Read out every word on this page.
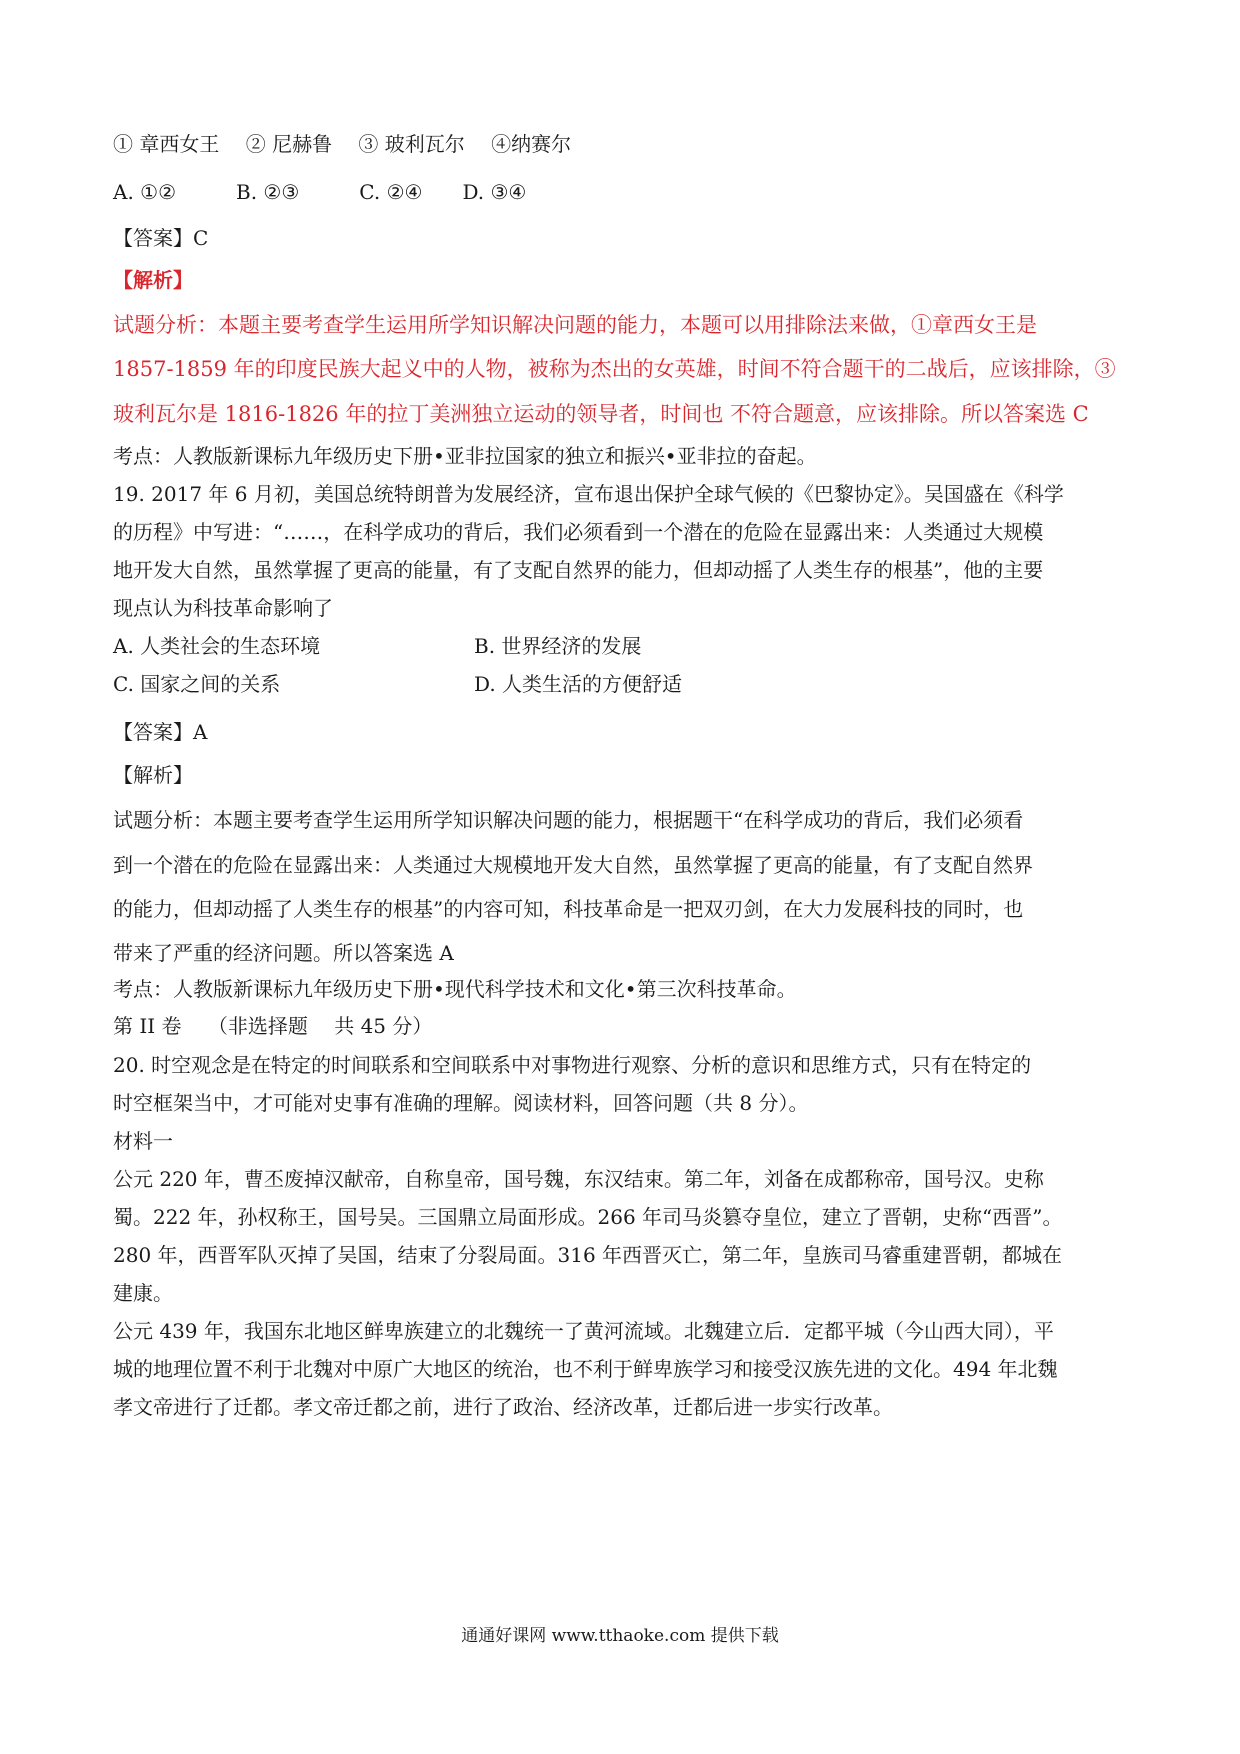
① 章西女王　 ② 尼赫鲁　 ③ 玻利瓦尔　 ④纳赛尔
A. ①②　　　B. ②③　　　C. ②④　　D. ③④
【答案】C
【解析】
试题分析：本题主要考查学生运用所学知识解决问题的能力，本题可以用排除法来做，①章西女王是
1857-1859 年的印度民族大起义中的人物，被称为杰出的女英雄，时间不符合题干的二战后，应该排除，③
玻利瓦尔是 1816-1826 年的拉丁美洲独立运动的领导者，时间也 不符合题意，应该排除。所以答案选 C
考点：人教版新课标九年级历史下册•亚非拉国家的独立和振兴•亚非拉的奋起。
19. 2017 年 6 月初，美国总统特朗普为发展经济，宣布退出保护全球气候的《巴黎协定》。吴国盛在《科学
的历程》中写进：“……，在科学成功的背后，我们必须看到一个潜在的危险在显露出来：人类通过大规模
地开发大自然，虽然掌握了更高的能量，有了支配自然界的能力，但却动摇了人类生存的根基”，他的主要
现点认为科技革命影响了
A. 人类社会的生态环境	B. 世界经济的发展
C. 国家之间的关系	D. 人类生活的方便舒适
【答案】A
【解析】
试题分析：本题主要考查学生运用所学知识解决问题的能力，根据题干“在科学成功的背后，我们必须看
到一个潜在的危险在显露出来：人类通过大规模地开发大自然，虽然掌握了更高的能量，有了支配自然界
的能力，但却动摇了人类生存的根基”的内容可知，科技革命是一把双刃剑，在大力发展科技的同时，也
带来了严重的经济问题。所以答案选 A
考点：人教版新课标九年级历史下册•现代科学技术和文化•第三次科技革命。
第 II 卷　 （非选择题　 共 45 分）
20. 时空观念是在特定的时间联系和空间联系中对事物进行观察、分析的意识和思维方式，只有在特定的
时空框架当中，才可能对史事有准确的理解。阅读材料，回答问题（共 8 分）。
材料一
公元 220 年，曹丕废掉汉献帝，自称皇帝，国号魏，东汉结束。第二年，刘备在成都称帝，国号汉。史称
蜀。222 年，孙权称王，国号吴。三国鼎立局面形成。266 年司马炎篡夺皇位，建立了晋朝，史称“西晋”。
280 年，西晋军队灭掉了吴国，结束了分裂局面。316 年西晋灭亡，第二年，皇族司马睿重建晋朝，都城在
建康。
公元 439 年，我国东北地区鲜卑族建立的北魏统一了黄河流域。北魏建立后．定都平城（今山西大同），平
城的地理位置不利于北魏对中原广大地区的统治，也不利于鲜卑族学习和接受汉族先进的文化。494 年北魏
孝文帝进行了迁都。孝文帝迁都之前，进行了政治、经济改革，迁都后进一步实行改革。
通通好课网 www.tthaoke.com 提供下载
